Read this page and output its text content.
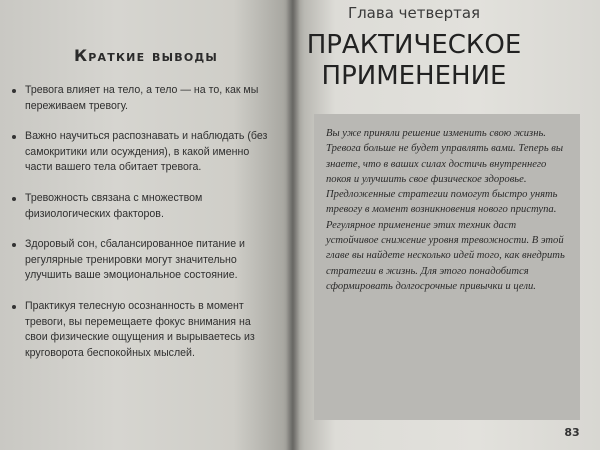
Краткие выводы
Тревога влияет на тело, а тело — на то, как мы переживаем тревогу.
Важно научиться распознавать и наблюдать (без самокритики или осуждения), в какой именно части вашего тела обитает тревога.
Тревожность связана с множеством физиологических факторов.
Здоровый сон, сбалансированное питание и регулярные тренировки могут значительно улучшить ваше эмоциональное состояние.
Практикуя телесную осознанность в момент тревоги, вы перемещаете фокус внимания на свои физические ощущения и вырываетесь из круговорота беспокойных мыслей.
Глава четвертая
ПРАКТИЧЕСКОЕ ПРИМЕНЕНИЕ

Вы уже приняли решение изменить свою жизнь. Тревога больше не будет управлять вами. Теперь вы знаете, что в ваших силах достичь внутреннего покоя и улучшить свое физическое здоровье. Предложенные стратегии помогут быстро унять тревогу в момент возникновения нового приступа. Регулярное применение этих техник даст устойчивое снижение уровня тревожности. В этой главе вы найдете несколько идей того, как внедрить стратегии в жизнь. Для этого понадобится сформировать долгосрочные привычки и цели.

83
